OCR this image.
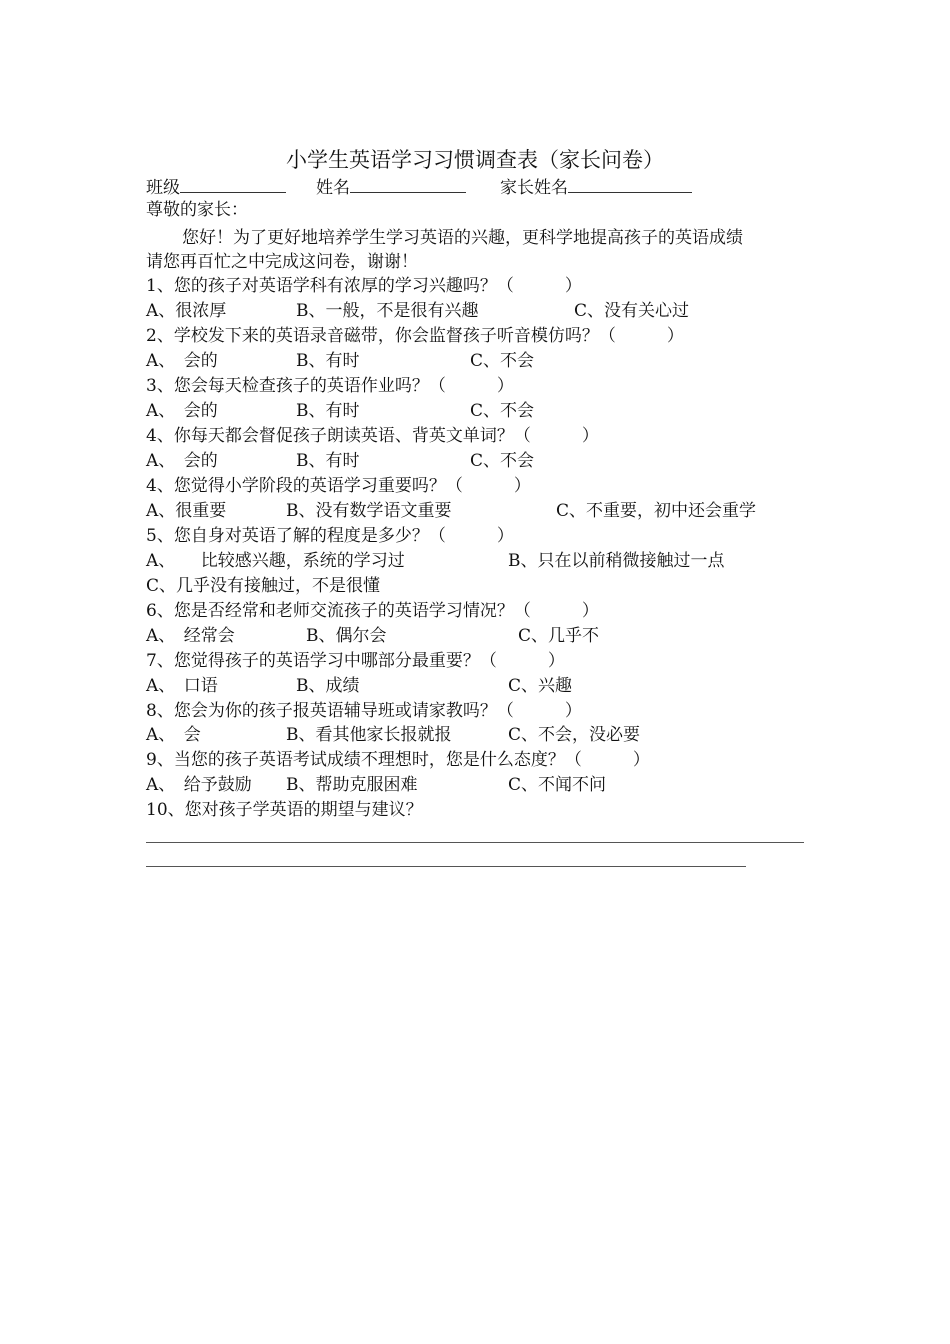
小学生英语学习习惯调查表（家长问卷）
班级	姓名	家长姓名
尊敬的家长：
您好！为了更好地培养学生学习英语的兴趣，更科学地提高孩子的英语成绩
请您再百忙之中完成这问卷，谢谢！
1、您的孩子对英语学科有浓厚的学习兴趣吗？（　　　）
A、很浓厚	B、一般，不是很有兴趣	C、没有关心过
2、学校发下来的英语录音磁带，你会监督孩子听音模仿吗？（　　　）
A、　会的	B、有时	C、不会
3、您会每天检查孩子的英语作业吗？（　　　）
A、　会的	B、有时	C、不会
4、你每天都会督促孩子朗读英语、背英文单词？（　　　）
A、　会的	B、有时	C、不会
4、您觉得小学阶段的英语学习重要吗？（　　　）
A、很重要	B、没有数学语文重要	C、不重要，初中还会重学
5、您自身对英语了解的程度是多少？（　　　）
A、　　比较感兴趣，系统的学习过	B、只在以前稍微接触过一点
C、几乎没有接触过，不是很懂
6、您是否经常和老师交流孩子的英语学习情况？（　　　）
A、　经常会	B、偶尔会	C、几乎不
7、您觉得孩子的英语学习中哪部分最重要？（　　　）
A、　口语	B、成绩	C、兴趣
8、您会为你的孩子报英语辅导班或请家教吗？（　　　）
A、　会	B、看其他家长报就报	C、不会，没必要
9、当您的孩子英语考试成绩不理想时，您是什么态度？（　　　）
A、　给予鼓励 B、帮助克服困难	C、不闻不问
10、您对孩子学英语的期望与建议？
